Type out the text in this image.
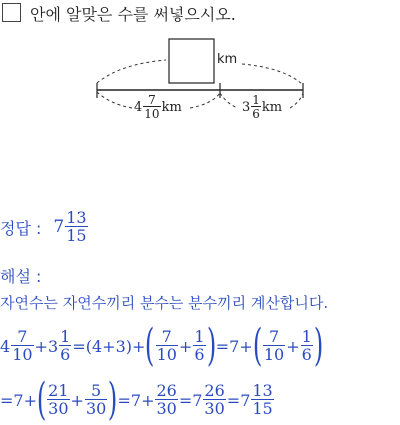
안에 알맞은 수를 써넣으시오.
km
$4 \frac{7}{10}$ km	$3 \frac{1}{6}$ km
정답 : $7 \frac{13}{15}$
해설 :
자연수는 자연수끼리 분수는 분수끼리 계산합니다.
$4 \frac{7}{10} + 3 \frac{1}{6} = (4+3)$ + ( $\frac{7}{10} + \frac{1}{6}$ ) = 7 + ( $\frac{7}{10} + \frac{1}{6}$ )
= 7 + ( $\frac{21}{30} + \frac{5}{30}$ ) = $7 + \frac{26}{30} = 7 \frac{26}{30} = 7 \frac{13}{15}$
